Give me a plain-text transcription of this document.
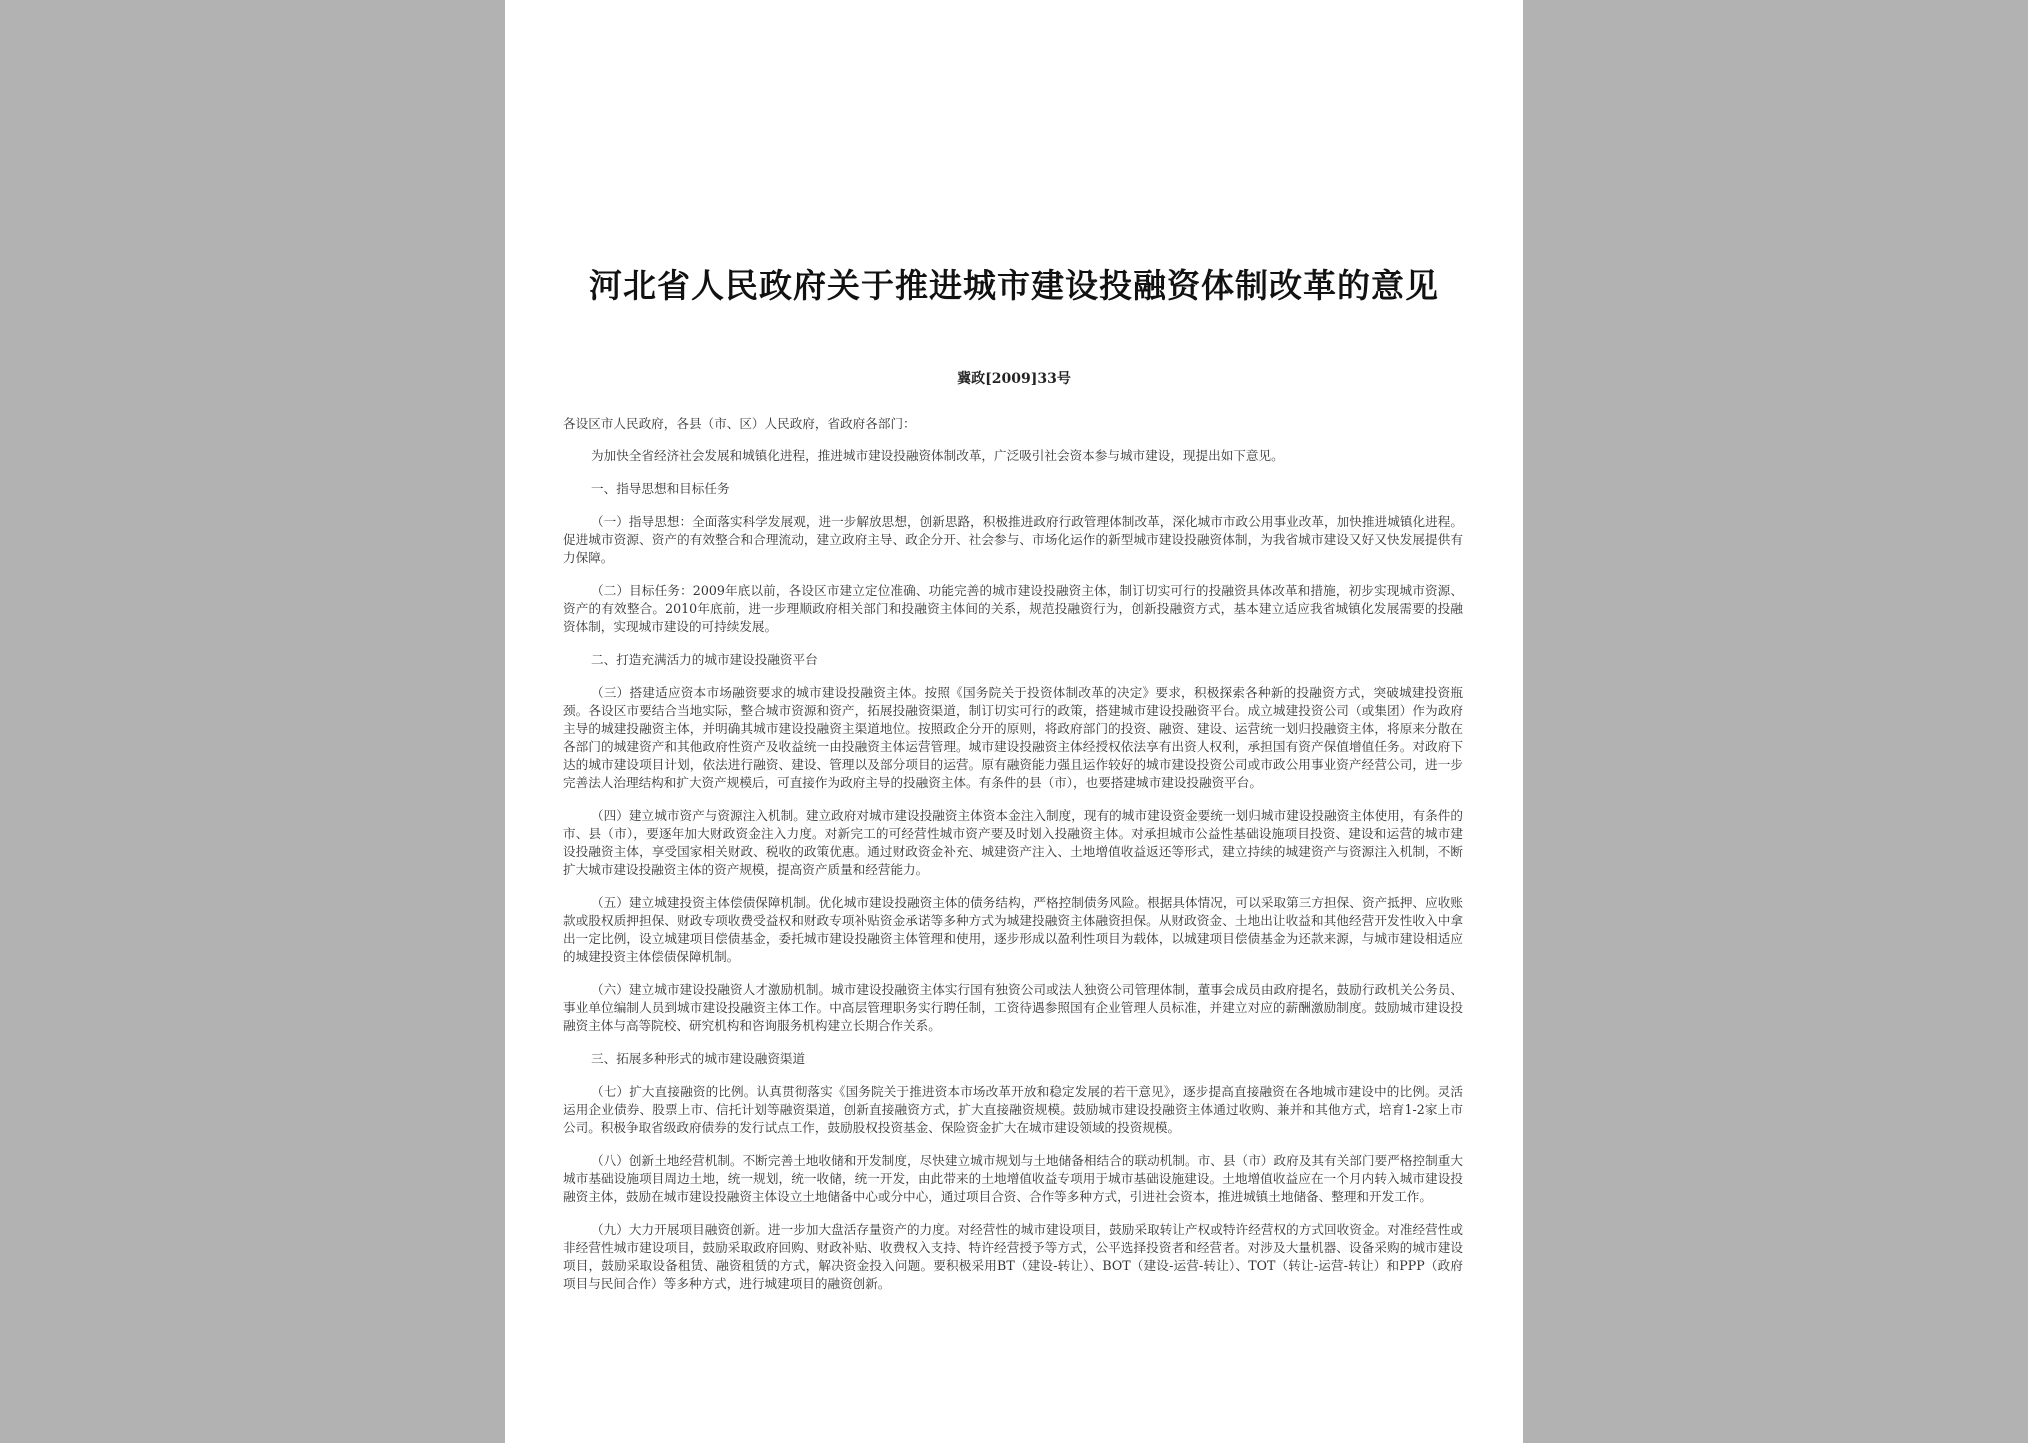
河北省人民政府关于推进城市建设投融资体制改革的意见
冀政[2009]33号

各设区市人民政府，各县（市、区）人民政府，省政府各部门：

为加快全省经济社会发展和城镇化进程，推进城市建设投融资体制改革，广泛吸引社会资本参与城市建设，现提出如下意见。

一、指导思想和目标任务

（一）指导思想：全面落实科学发展观，进一步解放思想，创新思路，积极推进政府行政管理体制改革，深化城市市政公用事业改革，加快推进城镇化进程。促进城市资源、资产的有效整合和合理流动，建立政府主导、政企分开、社会参与、市场化运作的新型城市建设投融资体制，为我省城市建设又好又快发展提供有力保障。

（二）目标任务：2009年底以前，各设区市建立定位准确、功能完善的城市建设投融资主体，制订切实可行的投融资具体改革和措施，初步实现城市资源、资产的有效整合。2010年底前，进一步理顺政府相关部门和投融资主体间的关系，规范投融资行为，创新投融资方式，基本建立适应我省城镇化发展需要的投融资体制，实现城市建设的可持续发展。

二、打造充满活力的城市建设投融资平台

（三）搭建适应资本市场融资要求的城市建设投融资主体。按照《国务院关于投资体制改革的决定》要求，积极探索各种新的投融资方式，突破城建投资瓶颈。各设区市要结合当地实际，整合城市资源和资产，拓展投融资渠道，制订切实可行的政策，搭建城市建设投融资平台。成立城建投资公司（或集团）作为政府主导的城建投融资主体，并明确其城市建设投融资主渠道地位。按照政企分开的原则，将政府部门的投资、融资、建设、运营统一划归投融资主体，将原来分散在各部门的城建资产和其他政府性资产及收益统一由投融资主体运营管理。城市建设投融资主体经授权依法享有出资人权利，承担国有资产保值增值任务。对政府下达的城市建设项目计划，依法进行融资、建设、管理以及部分项目的运营。原有融资能力强且运作较好的城市建设投资公司或市政公用事业资产经营公司，进一步完善法人治理结构和扩大资产规模后，可直接作为政府主导的投融资主体。有条件的县（市），也要搭建城市建设投融资平台。

（四）建立城市资产与资源注入机制。建立政府对城市建设投融资主体资本金注入制度，现有的城市建设资金要统一划归城市建设投融资主体使用，有条件的市、县（市），要逐年加大财政资金注入力度。对新完工的可经营性城市资产要及时划入投融资主体。对承担城市公益性基础设施项目投资、建设和运营的城市建设投融资主体，享受国家相关财政、税收的政策优惠。通过财政资金补充、城建资产注入、土地增值收益返还等形式，建立持续的城建资产与资源注入机制，不断扩大城市建设投融资主体的资产规模，提高资产质量和经营能力。

（五）建立城建投资主体偿债保障机制。优化城市建设投融资主体的债务结构，严格控制债务风险。根据具体情况，可以采取第三方担保、资产抵押、应收账款或股权质押担保、财政专项收费受益权和财政专项补贴资金承诺等多种方式为城建投融资主体融资担保。从财政资金、土地出让收益和其他经营开发性收入中拿出一定比例，设立城建项目偿债基金，委托城市建设投融资主体管理和使用，逐步形成以盈利性项目为载体，以城建项目偿债基金为还款来源，与城市建设相适应的城建投资主体偿债保障机制。

（六）建立城市建设投融资人才激励机制。城市建设投融资主体实行国有独资公司或法人独资公司管理体制，董事会成员由政府提名，鼓励行政机关公务员、事业单位编制人员到城市建设投融资主体工作。中高层管理职务实行聘任制，工资待遇参照国有企业管理人员标准，并建立对应的薪酬激励制度。鼓励城市建设投融资主体与高等院校、研究机构和咨询服务机构建立长期合作关系。

三、拓展多种形式的城市建设融资渠道

（七）扩大直接融资的比例。认真贯彻落实《国务院关于推进资本市场改革开放和稳定发展的若干意见》，逐步提高直接融资在各地城市建设中的比例。灵活运用企业债券、股票上市、信托计划等融资渠道，创新直接融资方式，扩大直接融资规模。鼓励城市建设投融资主体通过收购、兼并和其他方式，培育1-2家上市公司。积极争取省级政府债券的发行试点工作，鼓励股权投资基金、保险资金扩大在城市建设领域的投资规模。

（八）创新土地经营机制。不断完善土地收储和开发制度，尽快建立城市规划与土地储备相结合的联动机制。市、县（市）政府及其有关部门要严格控制重大城市基础设施项目周边土地，统一规划，统一收储，统一开发，由此带来的土地增值收益专项用于城市基础设施建设。土地增值收益应在一个月内转入城市建设投融资主体，鼓励在城市建设投融资主体设立土地储备中心或分中心，通过项目合资、合作等多种方式，引进社会资本，推进城镇土地储备、整理和开发工作。

（九）大力开展项目融资创新。进一步加大盘活存量资产的力度。对经营性的城市建设项目，鼓励采取转让产权或特许经营权的方式回收资金。对准经营性或非经营性城市建设项目，鼓励采取政府回购、财政补贴、收费权入支持、特许经营授予等方式，公平选择投资者和经营者。对涉及大量机器、设备采购的城市建设项目，鼓励采取设备租赁、融资租赁的方式，解决资金投入问题。要积极采用BT（建设-转让）、BOT（建设-运营-转让）、TOT（转让-运营-转让）和PPP（政府项目与民间合作）等多种方式，进行城建项目的融资创新。
